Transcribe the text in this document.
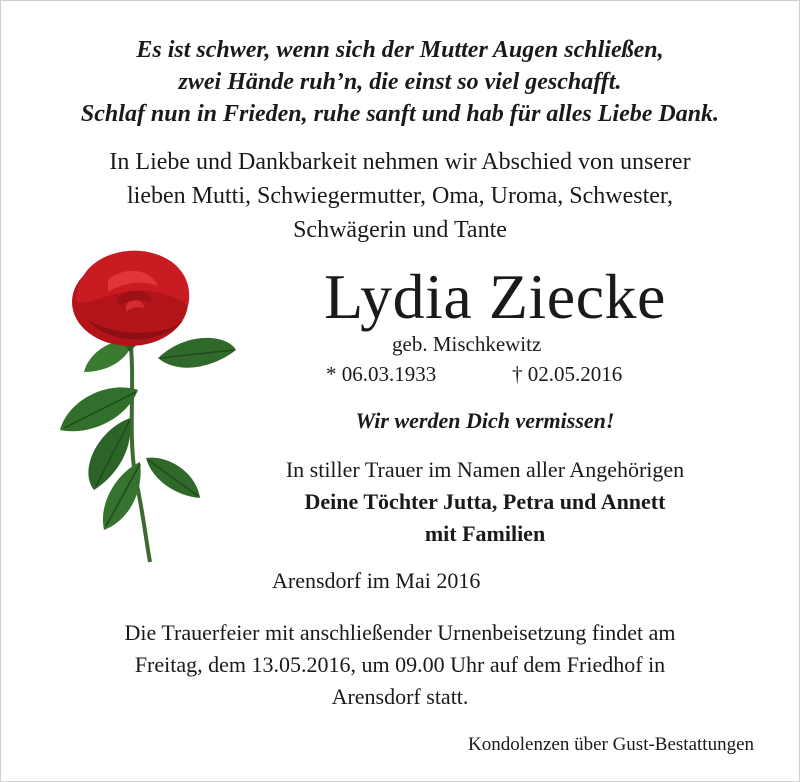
Es ist schwer, wenn sich der Mutter Augen schließen,
zwei Hände ruh’n, die einst so viel geschafft.
Schlaf nun in Frieden, ruhe sanft und hab für alles Liebe Dank.
In Liebe und Dankbarkeit nehmen wir Abschied von unserer
lieben Mutti, Schwiegermutter, Oma, Uroma, Schwester,
Schwägerin und Tante
Lydia Ziecke
geb. Mischkewitz
* 06.03.1933	† 02.05.2016
Wir werden Dich vermissen!
In stiller Trauer im Namen aller Angehörigen
Deine Töchter Jutta, Petra und Annett
mit Familien
Arensdorf im Mai 2016
Die Trauerfeier mit anschließender Urnenbeisetzung findet am
Freitag, dem 13.05.2016, um 09.00 Uhr auf dem Friedhof in
Arensdorf statt.
Kondolenzen über Gust-Bestattungen
